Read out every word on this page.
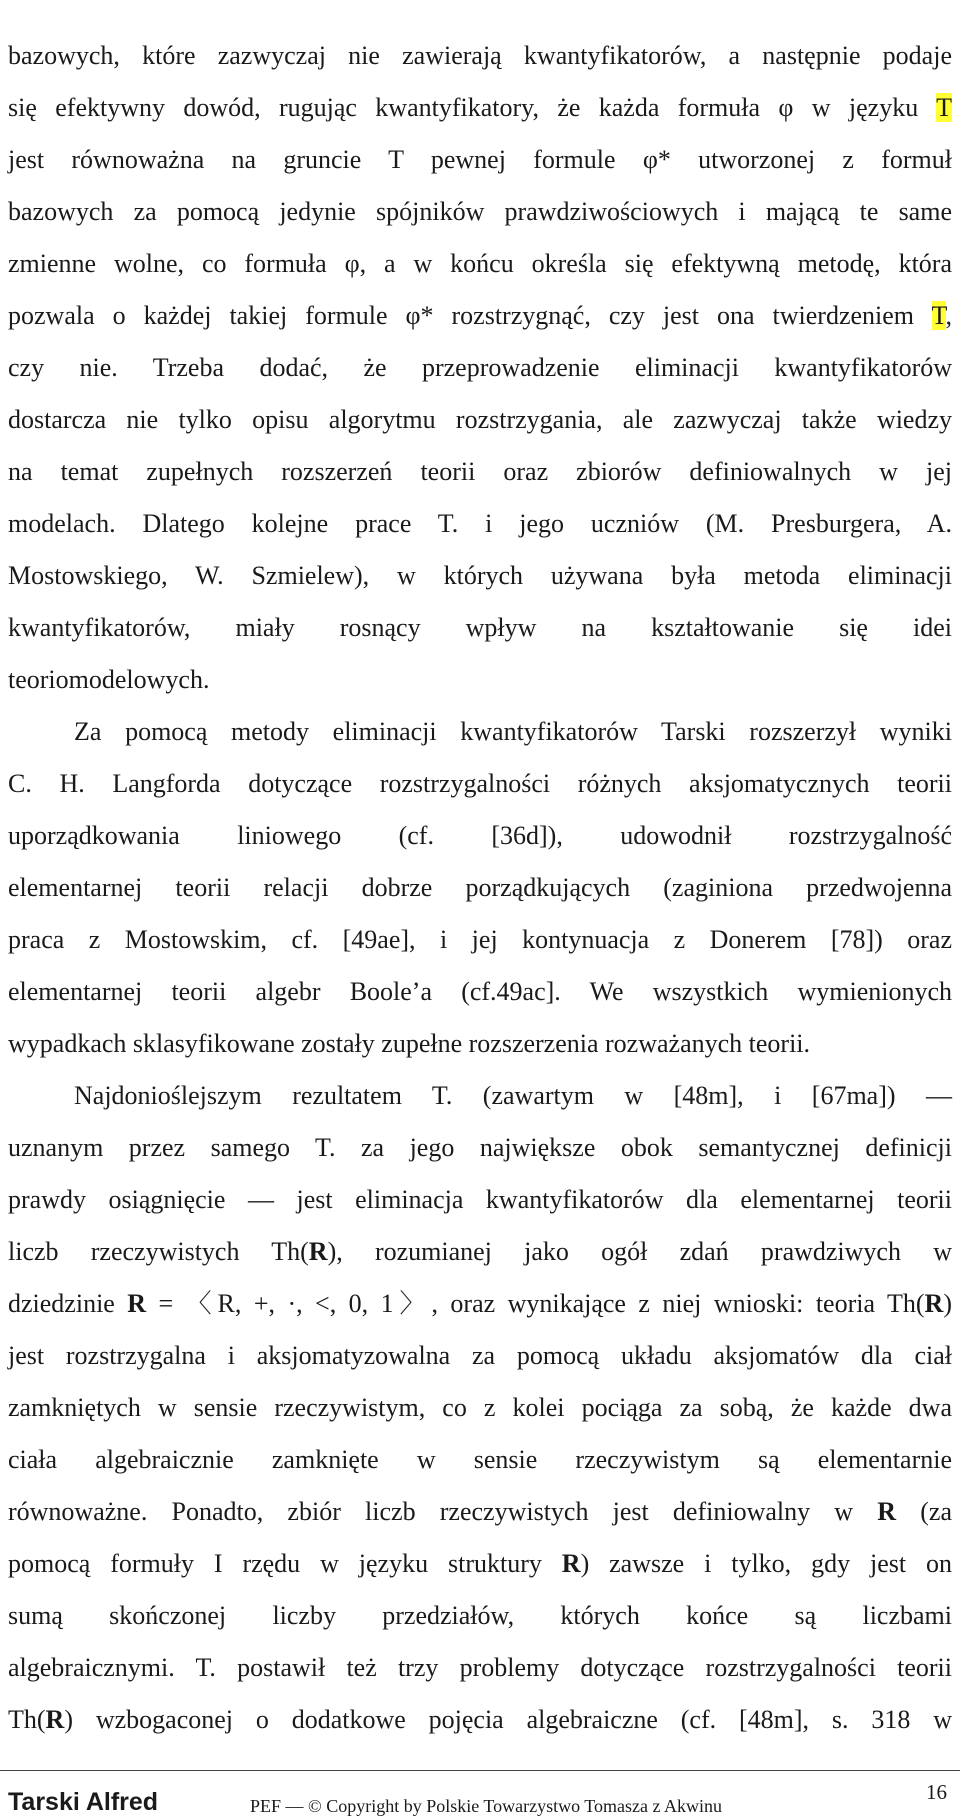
bazowych, które zazwyczaj nie zawierają kwantyfikatorów, a następnie podaje
się efektywny dowód, rugując kwantyfikatory, że każda formuła φ w języku T
jest równoważna na gruncie T pewnej formule φ* utworzonej z formuł
bazowych za pomocą jedynie spójników prawdziwościowych i mającą te same
zmienne wolne, co formuła φ, a w końcu określa się efektywną metodę, która
pozwala o każdej takiej formule φ* rozstrzygnąć, czy jest ona twierdzeniem T,
czy nie. Trzeba dodać, że przeprowadzenie eliminacji kwantyfikatorów
dostarcza nie tylko opisu algorytmu rozstrzygania, ale zazwyczaj także wiedzy
na temat zupełnych rozszerzeń teorii oraz zbiorów definiowalnych w jej
modelach. Dlatego kolejne prace T. i jego uczniów (M. Presburgera, A.
Mostowskiego, W. Szmielew), w których używana była metoda eliminacji
kwantyfikatorów, miały rosnący wpływ na kształtowanie się idei
teoriomodelowych.
Za pomocą metody eliminacji kwantyfikatorów Tarski rozszerzył wyniki
C. H. Langforda dotyczące rozstrzygalności różnych aksjomatycznych teorii
uporządkowania liniowego (cf. [36d]), udowodnił rozstrzygalność
elementarnej teorii relacji dobrze porządkujących (zaginiona przedwojenna
praca z Mostowskim, cf. [49ae], i jej kontynuacja z Donerem [78]) oraz
elementarnej teorii algebr Boole’a (cf.49ac]. We wszystkich wymienionych
wypadkach sklasyfikowane zostały zupełne rozszerzenia rozważanych teorii.
Najdonioślejszym rezultatem T. (zawartym w [48m], i [67ma]) —
uznanym przez samego T. za jego największe obok semantycznej definicji
prawdy osiągnięcie — jest eliminacja kwantyfikatorów dla elementarnej teorii
liczb rzeczywistych Th(R), rozumianej jako ogół zdań prawdziwych w
dziedzinie R = 〈R, +, ·, <, 0, 1〉, oraz wynikające z niej wnioski: teoria Th(R)
jest rozstrzygalna i aksjomatyzowalna za pomocą układu aksjomatów dla ciał
zamkniętych w sensie rzeczywistym, co z kolei pociąga za sobą, że każde dwa
ciała algebraicznie zamknięte w sensie rzeczywistym są elementarnie
równoważne. Ponadto, zbiór liczb rzeczywistych jest definiowalny w R (za
pomocą formuły I rzędu w języku struktury R) zawsze i tylko, gdy jest on
sumą skończonej liczby przedziałów, których końce są liczbami
algebraicznymi. T. postawił też trzy problemy dotyczące rozstrzygalności teorii
Th(R) wzbogaconej o dodatkowe pojęcia algebraiczne (cf. [48m], s. 318 w
Tarski Alfred	PEF — © Copyright by Polskie Towarzystwo Tomasza z Akwinu
16
